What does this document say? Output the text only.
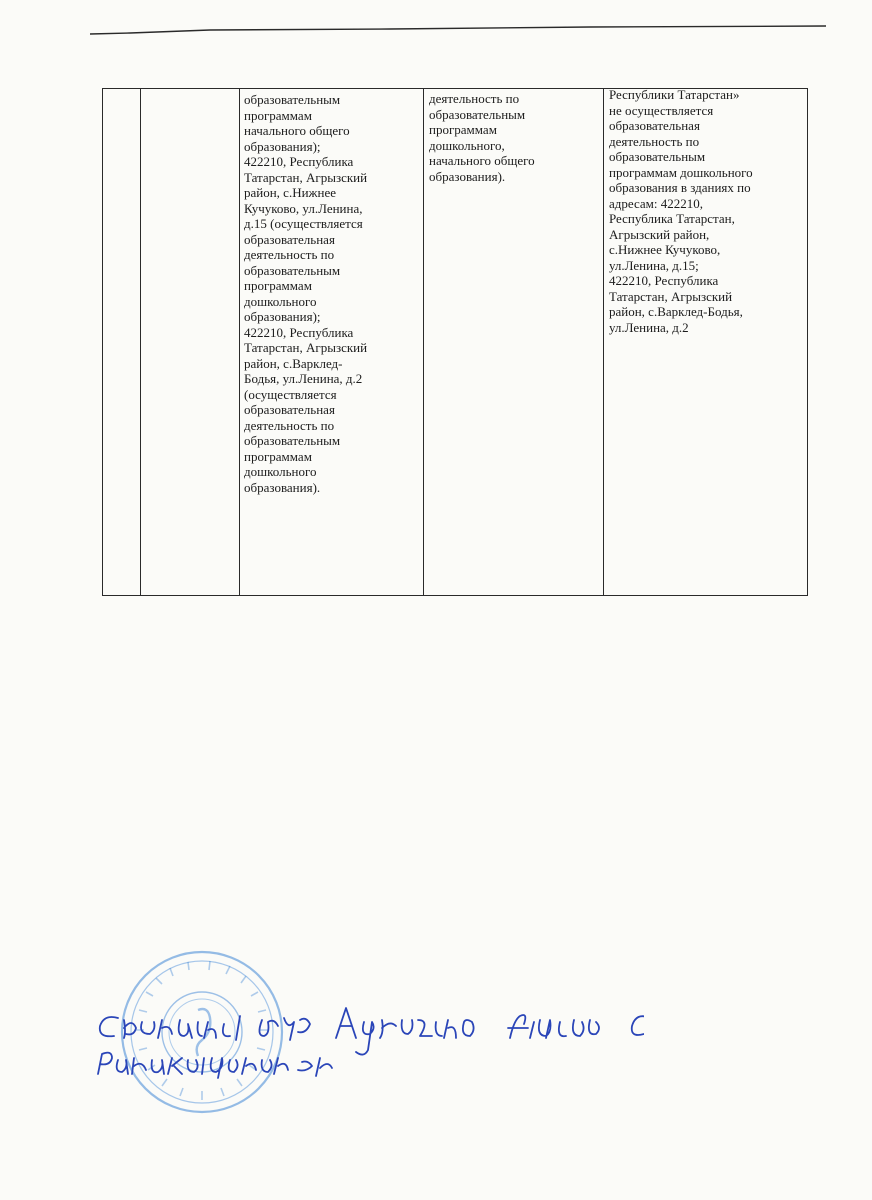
образовательным
программам
начального общего
образования);
422210, Республика
Татарстан, Агрызский
район, с.Нижнее
Кучуково, ул.Ленина,
д.15 (осуществляется
образовательная
деятельность по
образовательным
программам
дошкольного
образования);
422210, Республика
Татарстан, Агрызский
район, с.Варклед-
Бодья, ул.Ленина, д.2
(осуществляется
образовательная
деятельность по
образовательным
программам
дошкольного
образования).

деятельность по
образовательным
программам
дошкольного,
начального общего
образования).

Республики Татарстан»
не осуществляется
образовательная
деятельность по
образовательным
программам дошкольного
образования в зданиях по
адресам: 422210,
Республика Татарстан,
Агрызский район,
с.Нижнее Кучуково,
ул.Ленина, д.15;
422210, Республика
Татарстан, Агрызский
район, с.Варклед-Бодья,
ул.Ленина, д.2
